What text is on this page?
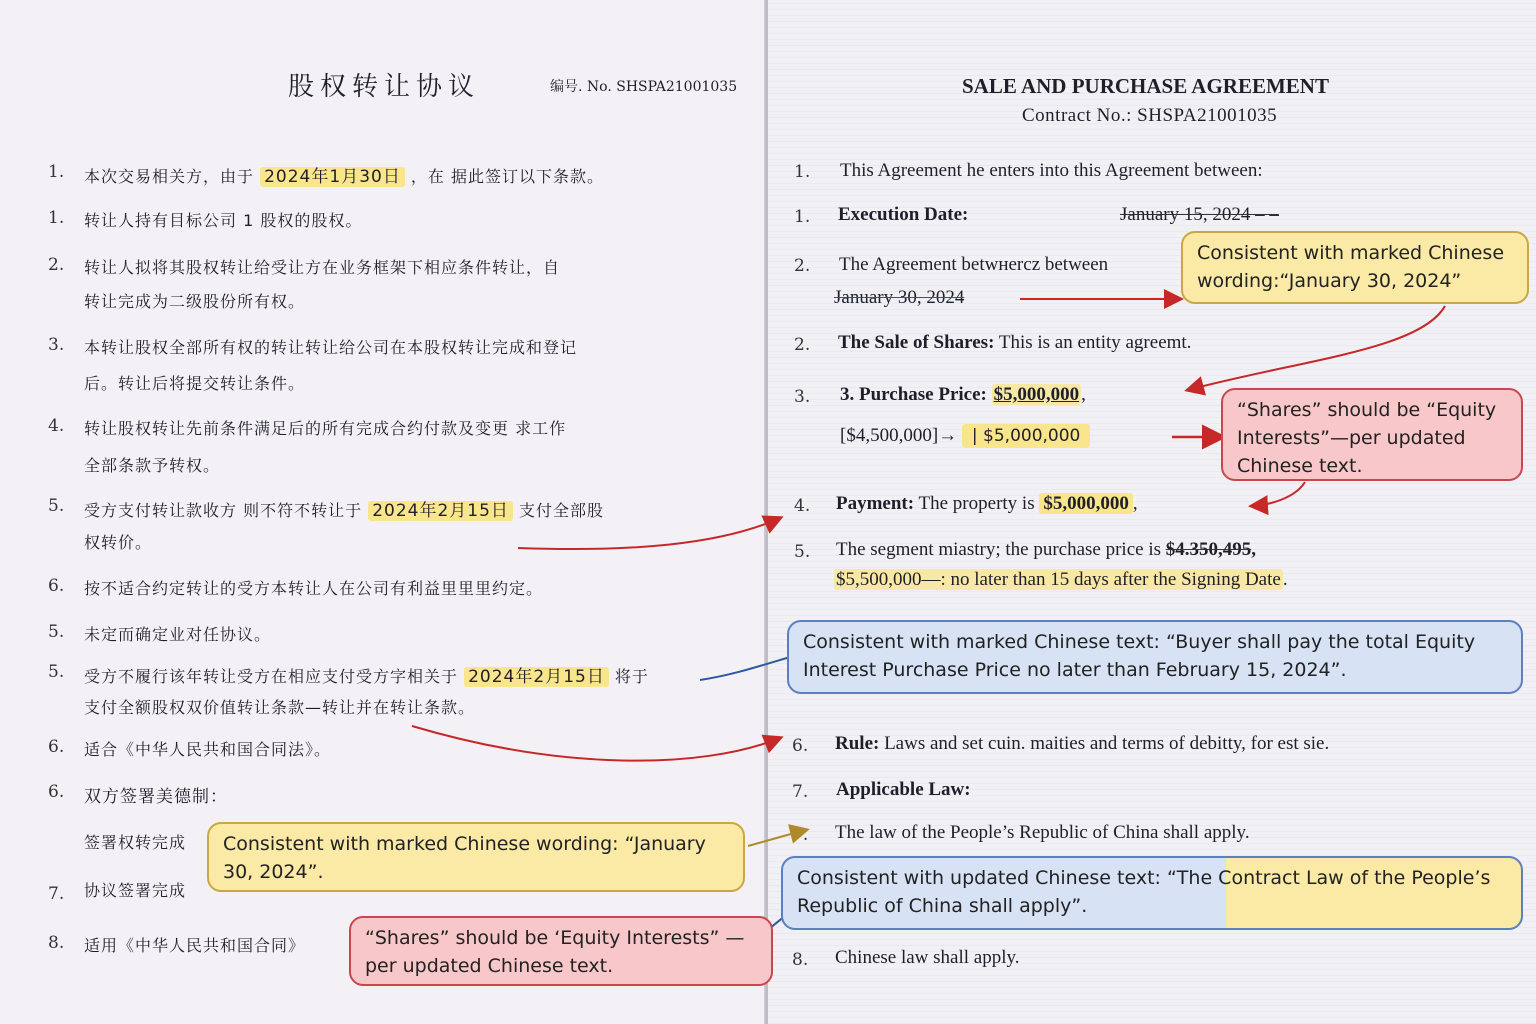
股权转让协议	编号. No. SHSPA21001035
1. 本次交易相关方，由于 2024年1月30日 ，在 据此签订以下条款。
1. 转让人持有目标公司 1 股权的股权。
2. 转让人拟将其股权转让给受让方在业务框架下相应条件转让，自
转让完成为二级股份所有权。
3. 本转让股权全部所有权的转让转让给公司在本股权转让完成和登记
后。转让后将提交转让条件。
4. 转让股权转让先前条件满足后的所有完成合约付款及变更 求工作
全部条款予转权。
5. 受方支付转让款收方 则不符不转让于 2024年2月15日 支付全部股
权转价。
6. 按不适合约定转让的受方本转让人在公司有利益里里里约定。
5. 未定而确定业对任协议。
5. 受方不履行该年转让受方在相应支付受方字相关于 2024年2月15日 将于
支付全额股权双价值转让条款—转让并在转让条款。
6. 适合《中华人民共和国合同法》。
6. 双方签署美德制：
签署权转完成
7. 协议签署完成
8. 适用《中华人民共和国合同》
SALE AND PURCHASE AGREEMENT
Contract No.: SHSPA21001035
1. This Agreement he enters into this Agreement between:
1. Execution Date:	January 15, 2024 – –
2. The Agreement betwнercz between
January 30, 2024
2. The Sale of Shares: This is an entity agreemt.
3. 3. Purchase Price: $5,000,000 ,
[$4,500,000]→ | $5,000,000
4. Payment: The property is $5,000,000 ,
5. The segment miastry; the purchase price is $4.350,495,
$5,500,000—: no later than 15 days after the Signing Date .
6. Rule: Laws and set cuin. maities and terms of debitty, for est sie.
7. Applicable Law:
7. The law of the People’s Republic of China shall apply.
8. Chinese law shall apply.
Consistent with marked Chinese wording:“January 30, 2024”
“Shares” should be “Equity Interests”—per updated Chinese text.
Consistent with marked Chinese text: “Buyer shall pay the total Equity Interest Purchase Price no later than February 15, 2024”.
Consistent with updated Chinese text: “The Contract Law of the People’s Republic of China shall apply”.
Consistent with marked Chinese wording: “January 30, 2024”.
“Shares” should be ‘Equity Interests” —per updated Chinese text.
